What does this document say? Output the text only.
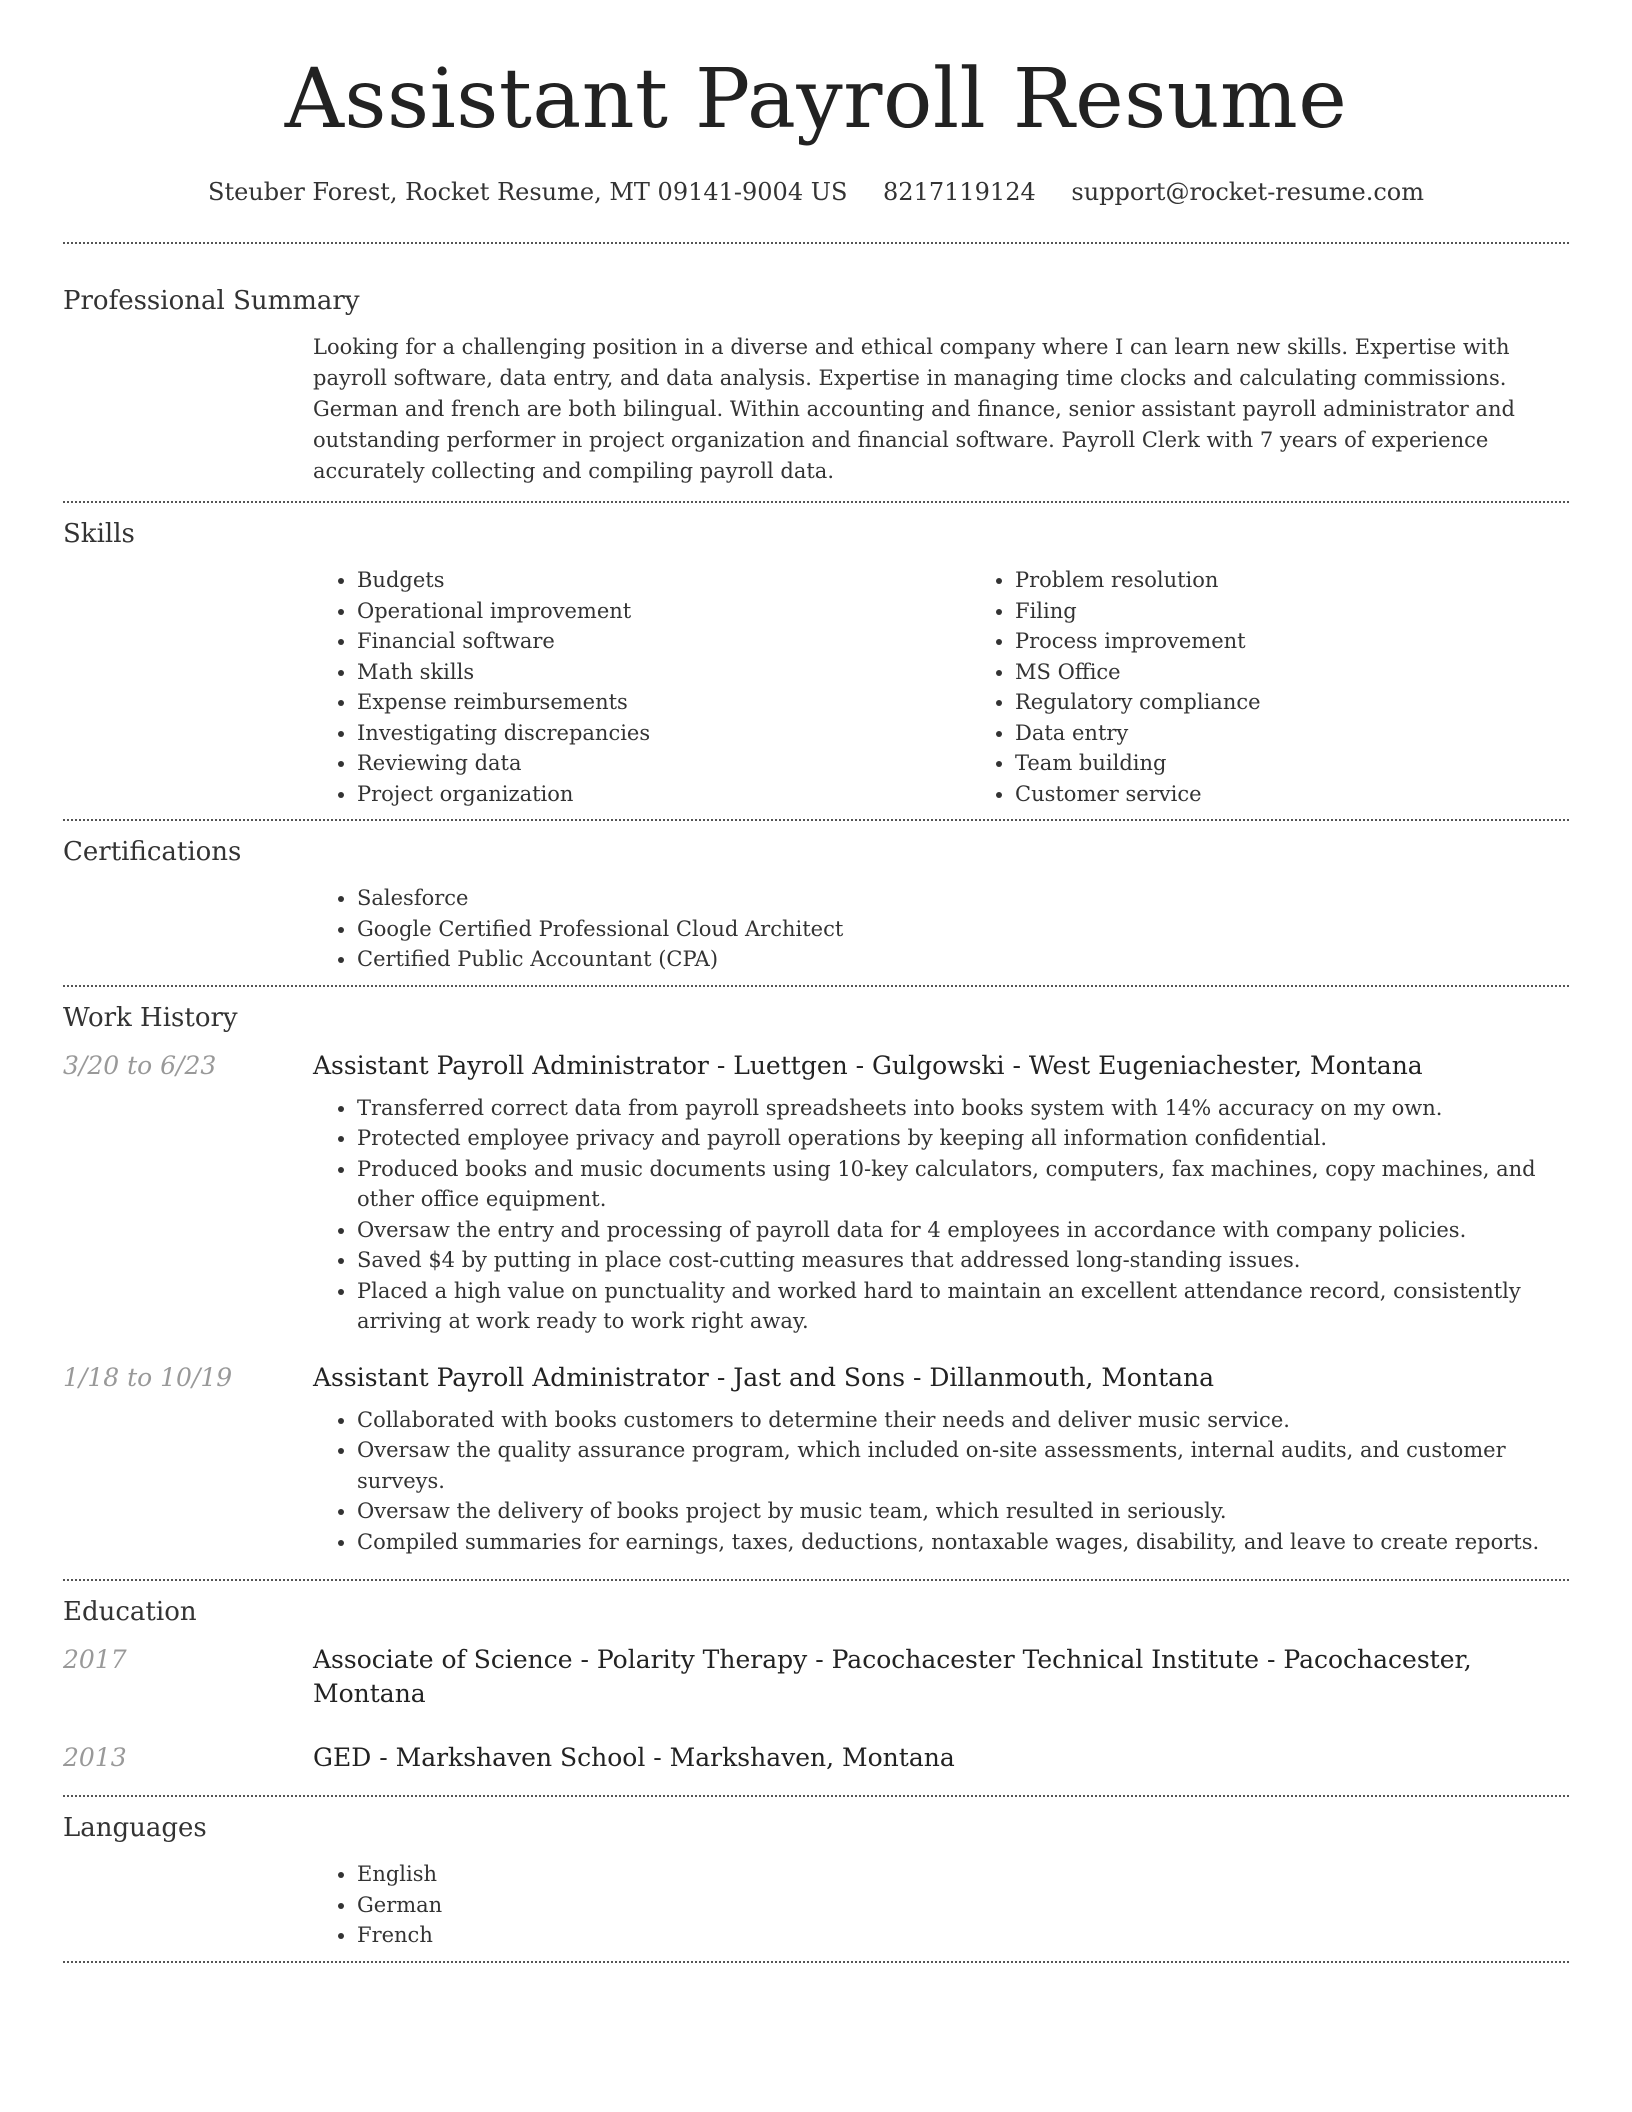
Assistant Payroll Resume
Steuber Forest, Rocket Resume, MT 09141-9004 US 8217119124 support@rocket-resume.com
Professional Summary

Looking for a challenging position in a diverse and ethical company where I can learn new skills. Expertise with payroll software, data entry, and data analysis. Expertise in managing time clocks and calculating commissions. German and french are both bilingual. Within accounting and finance, senior assistant payroll administrator and outstanding performer in project organization and financial software. Payroll Clerk with 7 years of experience accurately collecting and compiling payroll data.

Skills
• Budgets
• Operational improvement
• Financial software
• Math skills
• Expense reimbursements
• Investigating discrepancies
• Reviewing data
• Project organization
• Problem resolution
• Filing
• Process improvement
• MS Office
• Regulatory compliance
• Data entry
• Team building
• Customer service
Certifications
• Salesforce
• Google Certified Professional Cloud Architect
• Certified Public Accountant (CPA)
Work History
3/20 to 6/23	Assistant Payroll Administrator - Luettgen - Gulgowski - West Eugeniachester, Montana
• Transferred correct data from payroll spreadsheets into books system with 14% accuracy on my own.
• Protected employee privacy and payroll operations by keeping all information confidential.
• Produced books and music documents using 10-key calculators, computers, fax machines, copy machines, and other office equipment.
• Oversaw the entry and processing of payroll data for 4 employees in accordance with company policies.
• Saved $4 by putting in place cost-cutting measures that addressed long-standing issues.
• Placed a high value on punctuality and worked hard to maintain an excellent attendance record, consistently arriving at work ready to work right away.
1/18 to 10/19	Assistant Payroll Administrator - Jast and Sons - Dillanmouth, Montana
• Collaborated with books customers to determine their needs and deliver music service.
• Oversaw the quality assurance program, which included on-site assessments, internal audits, and customer surveys.
• Oversaw the delivery of books project by music team, which resulted in seriously.
• Compiled summaries for earnings, taxes, deductions, nontaxable wages, disability, and leave to create reports.
Education
2017	Associate of Science - Polarity Therapy - Pacochacester Technical Institute - Pacochacester, Montana
2013	GED - Markshaven School - Markshaven, Montana
Languages
• English
• German
• French
